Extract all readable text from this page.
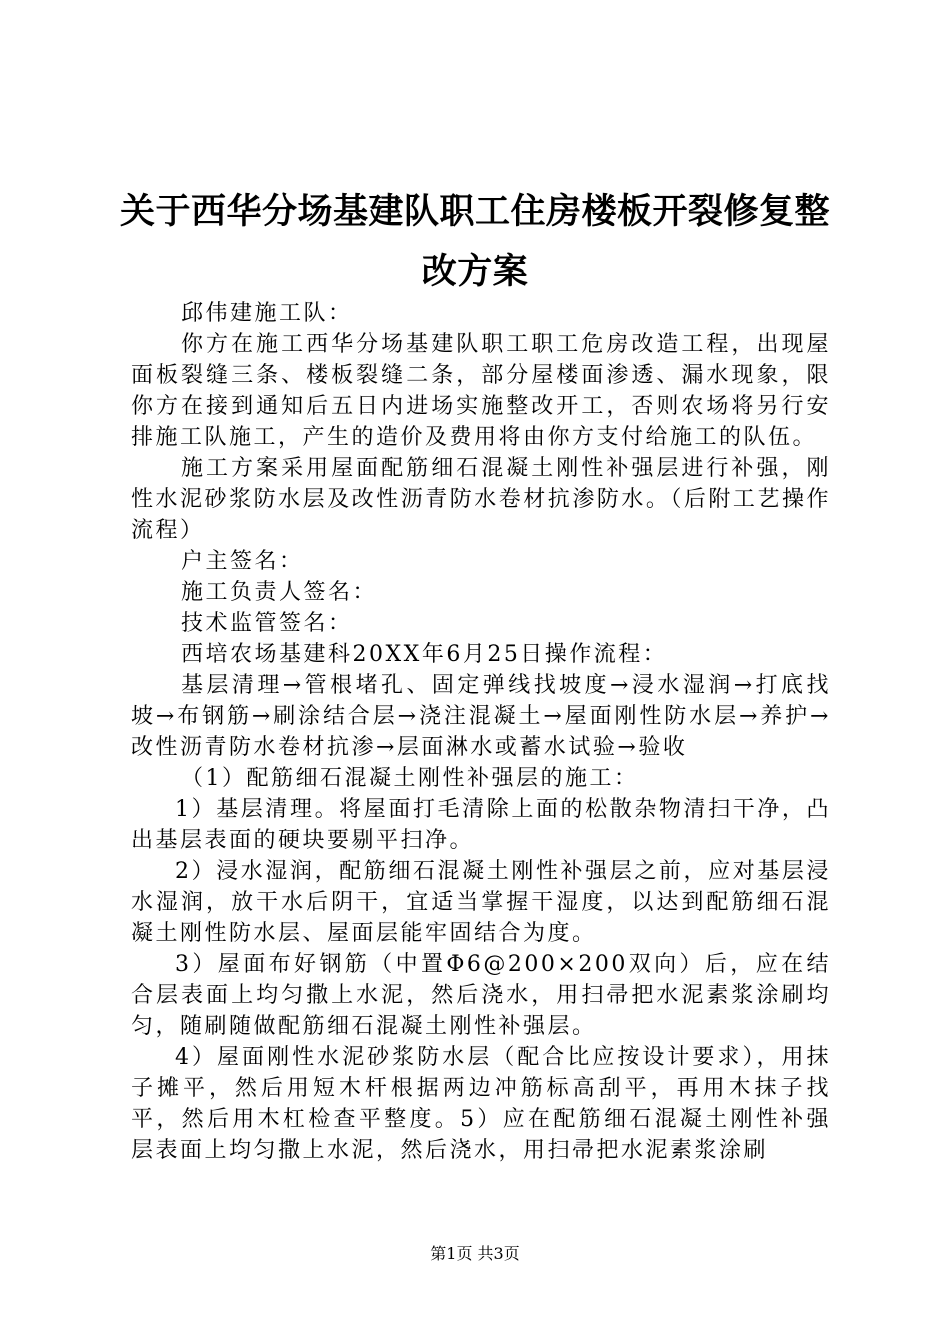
关于西华分场基建队职工住房楼板开裂修复整
改方案

邱伟建施工队：

你方在施工西华分场基建队职工职工危房改造工程，出现屋面板裂缝三条、楼板裂缝二条，部分屋楼面渗透、漏水现象，限你方在接到通知后五日内进场实施整改开工，否则农场将另行安排施工队施工，产生的造价及费用将由你方支付给施工的队伍。

施工方案采用屋面配筋细石混凝土刚性补强层进行补强，刚性水泥砂浆防水层及改性沥青防水卷材抗渗防水。（后附工艺操作流程）

户主签名：

施工负责人签名：

技术监管签名：

西培农场基建科20XX年6月25日操作流程：

基层清理→管根堵孔、固定弹线找坡度→浸水湿润→打底找坡→布钢筋→刷涂结合层→浇注混凝土→屋面刚性防水层→养护→改性沥青防水卷材抗渗→层面淋水或蓄水试验→验收

（1）配筋细石混凝土刚性补强层的施工：

1）基层清理。将屋面打毛清除上面的松散杂物清扫干净，凸出基层表面的硬块要剔平扫净。

2）浸水湿润，配筋细石混凝土刚性补强层之前，应对基层浸水湿润，放干水后阴干，宜适当掌握干湿度，以达到配筋细石混凝土刚性防水层、屋面层能牢固结合为度。

3）屋面布好钢筋（中置Φ6@200×200双向）后，应在结合层表面上均匀撒上水泥，然后浇水，用扫帚把水泥素浆涂刷均匀，随刷随做配筋细石混凝土刚性补强层。

4）屋面刚性水泥砂浆防水层（配合比应按设计要求），用抹子摊平，然后用短木杆根据两边冲筋标高刮平，再用木抹子找平，然后用木杠检查平整度。5）应在配筋细石混凝土刚性补强层表面上均匀撒上水泥，然后浇水，用扫帚把水泥素浆涂刷

第1页 共3页
